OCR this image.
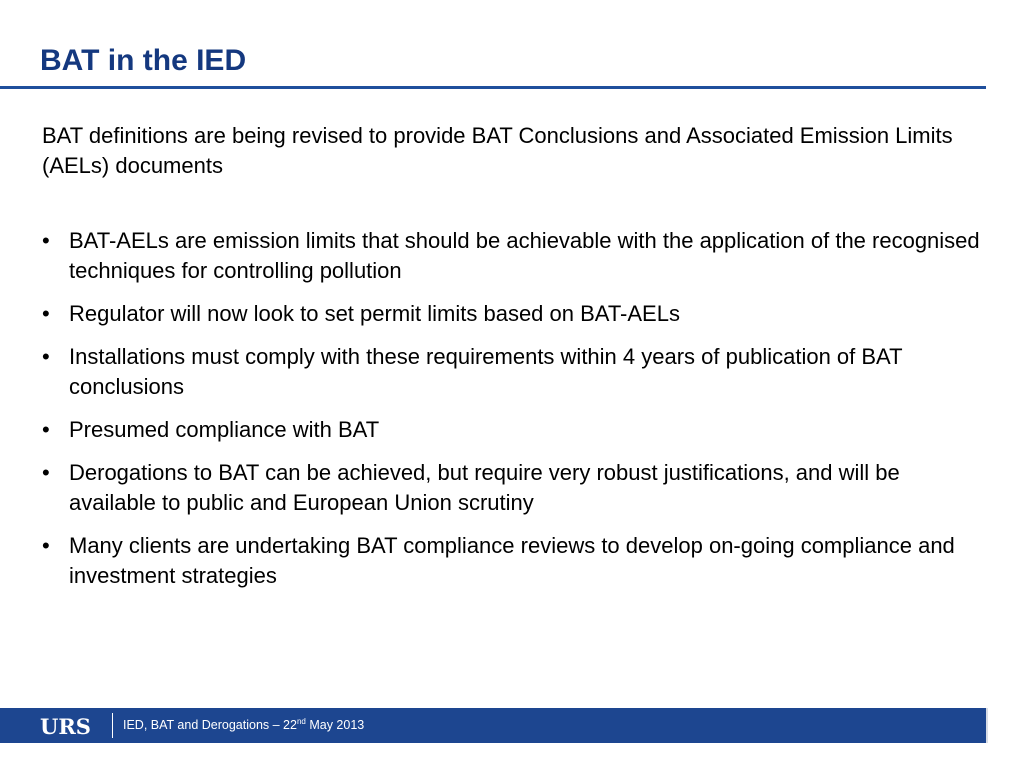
BAT in the IED

BAT definitions are being revised to provide BAT Conclusions and Associated Emission Limits (AELs) documents

• BAT-AELs are emission limits that should be achievable with the application of the recognised techniques for controlling pollution
• Regulator will now look to set permit limits based on BAT-AELs
• Installations must comply with these requirements within 4 years of publication of BAT conclusions
• Presumed compliance with BAT
• Derogations to BAT can be achieved, but require very robust justifications, and will be available to public and European Union scrutiny
• Many clients are undertaking BAT compliance reviews to develop on-going compliance and investment strategies
URS	IED, BAT and Derogations – 22nd May 2013
